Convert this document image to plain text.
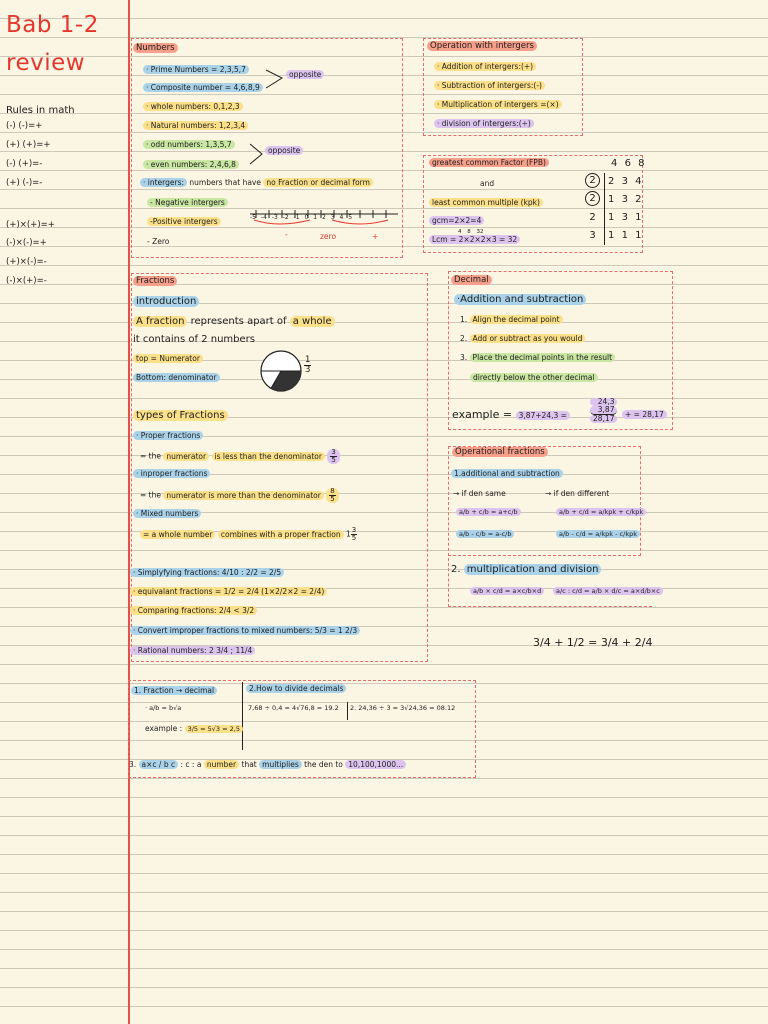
Bab 1-2
review
Rules in math
(-) (-)=+
(+) (+)=+
(-) (+)=-
(+) (-)=-
(+)×(+)=+
(-)×(-)=+
(+)×(-)=-
(-)×(+)=-
Numbers
· Prime Numbers = 2,3,5,7
· Composite number = 4,6,8,9
opposite
· whole numbers: 0,1,2,3
· Natural numbers: 1,2,3,4
· odd numbers: 1,3,5,7
· even numbers: 2,4,6,8
opposite
· intergers: numbers that have no Fraction or decimal form
- Negative intergers
-Positive intergers
- Zero
-5 -4 -3 -2 -1 0 1 2 3 4 5
-	zero	+
Operation with intergers
· Addition of intergers:(+)
· Subtraction of intergers:(-)
· Multiplication of intergers =(×)
· division of intergers:(÷)
greatest common Factor (FPB)
and
least common multiple (kpk)
gcm=2×2=4
4 8 32
Lcm = 2×2×2×3 = 32
4 6 8
2	2 3 4
2	1 3 2
2	1 3 1
3	1 1 1
Fractions
introduction
A fraction represents apart of a whole
it contains of 2 numbers
top = Numerator
Bottom: denominator
$\frac{1}{3}$
types of Fractions
· Proper fractions
= the numerator is less than the denominator $\frac{3}{5}$
· inproper fractions
= the numerator is more than the denominator $\frac{8}{5}$
· Mixed numbers
= a whole number combines with a proper fraction $1 \frac{3}{5}$
· Simplyfying fractions: 4/10 : 2/2 = 2/5
· equivalant fractions = 1/2 = 2/4 (1×2/2×2 = 2/4)
· Comparing fractions: 2/4 < 3/2
· Convert improper fractions to mixed numbers: 5/3 = 1 2/3
· Rational numbers: 2 3/4 ; 11/4
Decimal
·Addition and subtraction
1. Align the decimal point
2. Add or subtract as you would
3. Place the decimal points in the result
directly below the other decimal
example = 3,87+24,3 =
24,3
3,87
28,17	+ = 28,17
Operational fractions
1.additional and subtraction
→ if den same	→ if den different
a/b + c/b = a+c/b	a/b + c/d = a/kpk + c/kpk
a/b - c/b = a-c/b	a/b - c/d = a/kpk - c/kpk
2. multiplication and division
a/b × c/d = a×c/b×d	a/c : c/d = a/b × d/c = a×d/b×c
3/4 + 1/2 = 3/4 + 2/4
1. Fraction → decimal	2.How to divide decimals
· a/b = b√a
example : 3/5 = 5√3 = 2,5
7,68 ÷ 0,4 = 4√76,8 = 19.2 2. 24,36 ÷ 3 = 3√24,36 = 08.12
3. a×c / b c : c : a number that multiplies the den to 10,100,1000...
